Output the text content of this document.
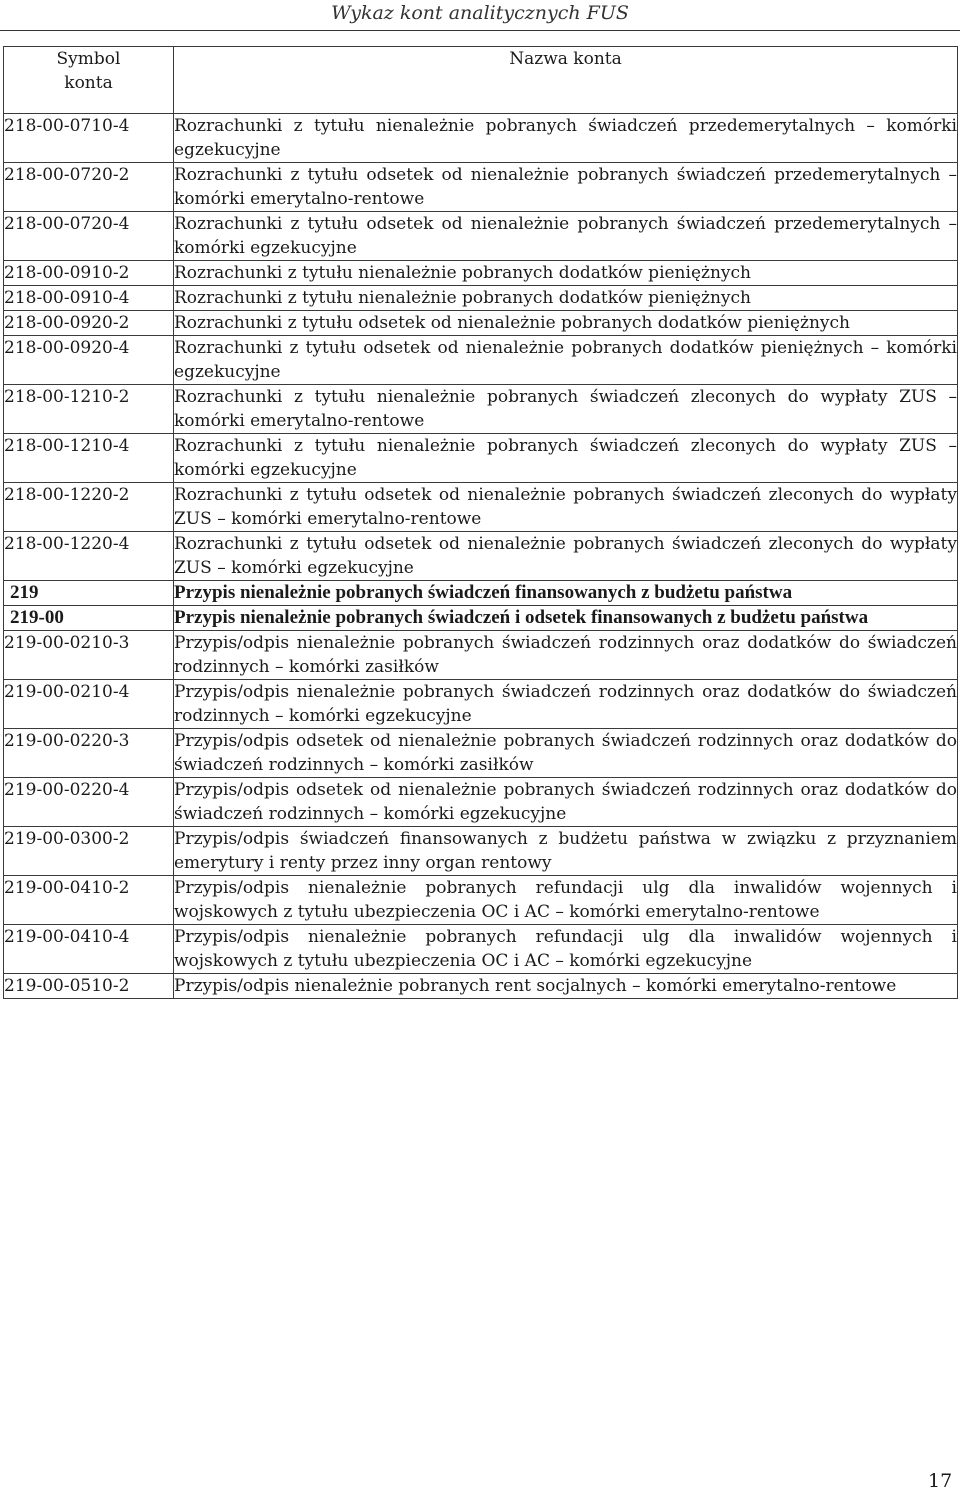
Wykaz kont analitycznych FUS
Symbol
konta	Nazwa konta
218-00-0710-4	Rozrachunki z tytułu nienależnie pobranych świadczeń przedemerytalnych – komórki egzekucyjne
218-00-0720-2	Rozrachunki z tytułu odsetek od nienależnie pobranych świadczeń przedemerytalnych – komórki emerytalno-rentowe
218-00-0720-4	Rozrachunki z tytułu odsetek od nienależnie pobranych świadczeń przedemerytalnych – komórki egzekucyjne
218-00-0910-2	Rozrachunki z tytułu nienależnie pobranych dodatków pieniężnych
218-00-0910-4	Rozrachunki z tytułu nienależnie pobranych dodatków pieniężnych
218-00-0920-2	Rozrachunki z tytułu odsetek od nienależnie pobranych dodatków pieniężnych
218-00-0920-4	Rozrachunki z tytułu odsetek od nienależnie pobranych dodatków pieniężnych – komórki egzekucyjne
218-00-1210-2	Rozrachunki z tytułu nienależnie pobranych świadczeń zleconych do wypłaty ZUS – komórki emerytalno-rentowe
218-00-1210-4	Rozrachunki z tytułu nienależnie pobranych świadczeń zleconych do wypłaty ZUS – komórki egzekucyjne
218-00-1220-2	Rozrachunki z tytułu odsetek od nienależnie pobranych świadczeń zleconych do wypłaty ZUS – komórki emerytalno-rentowe
218-00-1220-4	Rozrachunki z tytułu odsetek od nienależnie pobranych świadczeń zleconych do wypłaty ZUS – komórki egzekucyjne
219	Przypis nienależnie pobranych świadczeń finansowanych z budżetu państwa
219-00	Przypis nienależnie pobranych świadczeń i odsetek finansowanych z budżetu państwa
219-00-0210-3	Przypis/odpis nienależnie pobranych świadczeń rodzinnych oraz dodatków do świadczeń rodzinnych – komórki zasiłków
219-00-0210-4	Przypis/odpis nienależnie pobranych świadczeń rodzinnych oraz dodatków do świadczeń rodzinnych – komórki egzekucyjne
219-00-0220-3	Przypis/odpis odsetek od nienależnie pobranych świadczeń rodzinnych oraz dodatków do świadczeń rodzinnych – komórki zasiłków
219-00-0220-4	Przypis/odpis odsetek od nienależnie pobranych świadczeń rodzinnych oraz dodatków do świadczeń rodzinnych – komórki egzekucyjne
219-00-0300-2	Przypis/odpis świadczeń finansowanych z budżetu państwa w związku z przyznaniem emerytury i renty przez inny organ rentowy
219-00-0410-2	Przypis/odpis nienależnie pobranych refundacji ulg dla inwalidów wojennych i wojskowych z tytułu ubezpieczenia OC i AC – komórki emerytalno-rentowe
219-00-0410-4	Przypis/odpis nienależnie pobranych refundacji ulg dla inwalidów wojennych i wojskowych z tytułu ubezpieczenia OC i AC – komórki egzekucyjne
219-00-0510-2	Przypis/odpis nienależnie pobranych rent socjalnych – komórki emerytalno-rentowe
17
